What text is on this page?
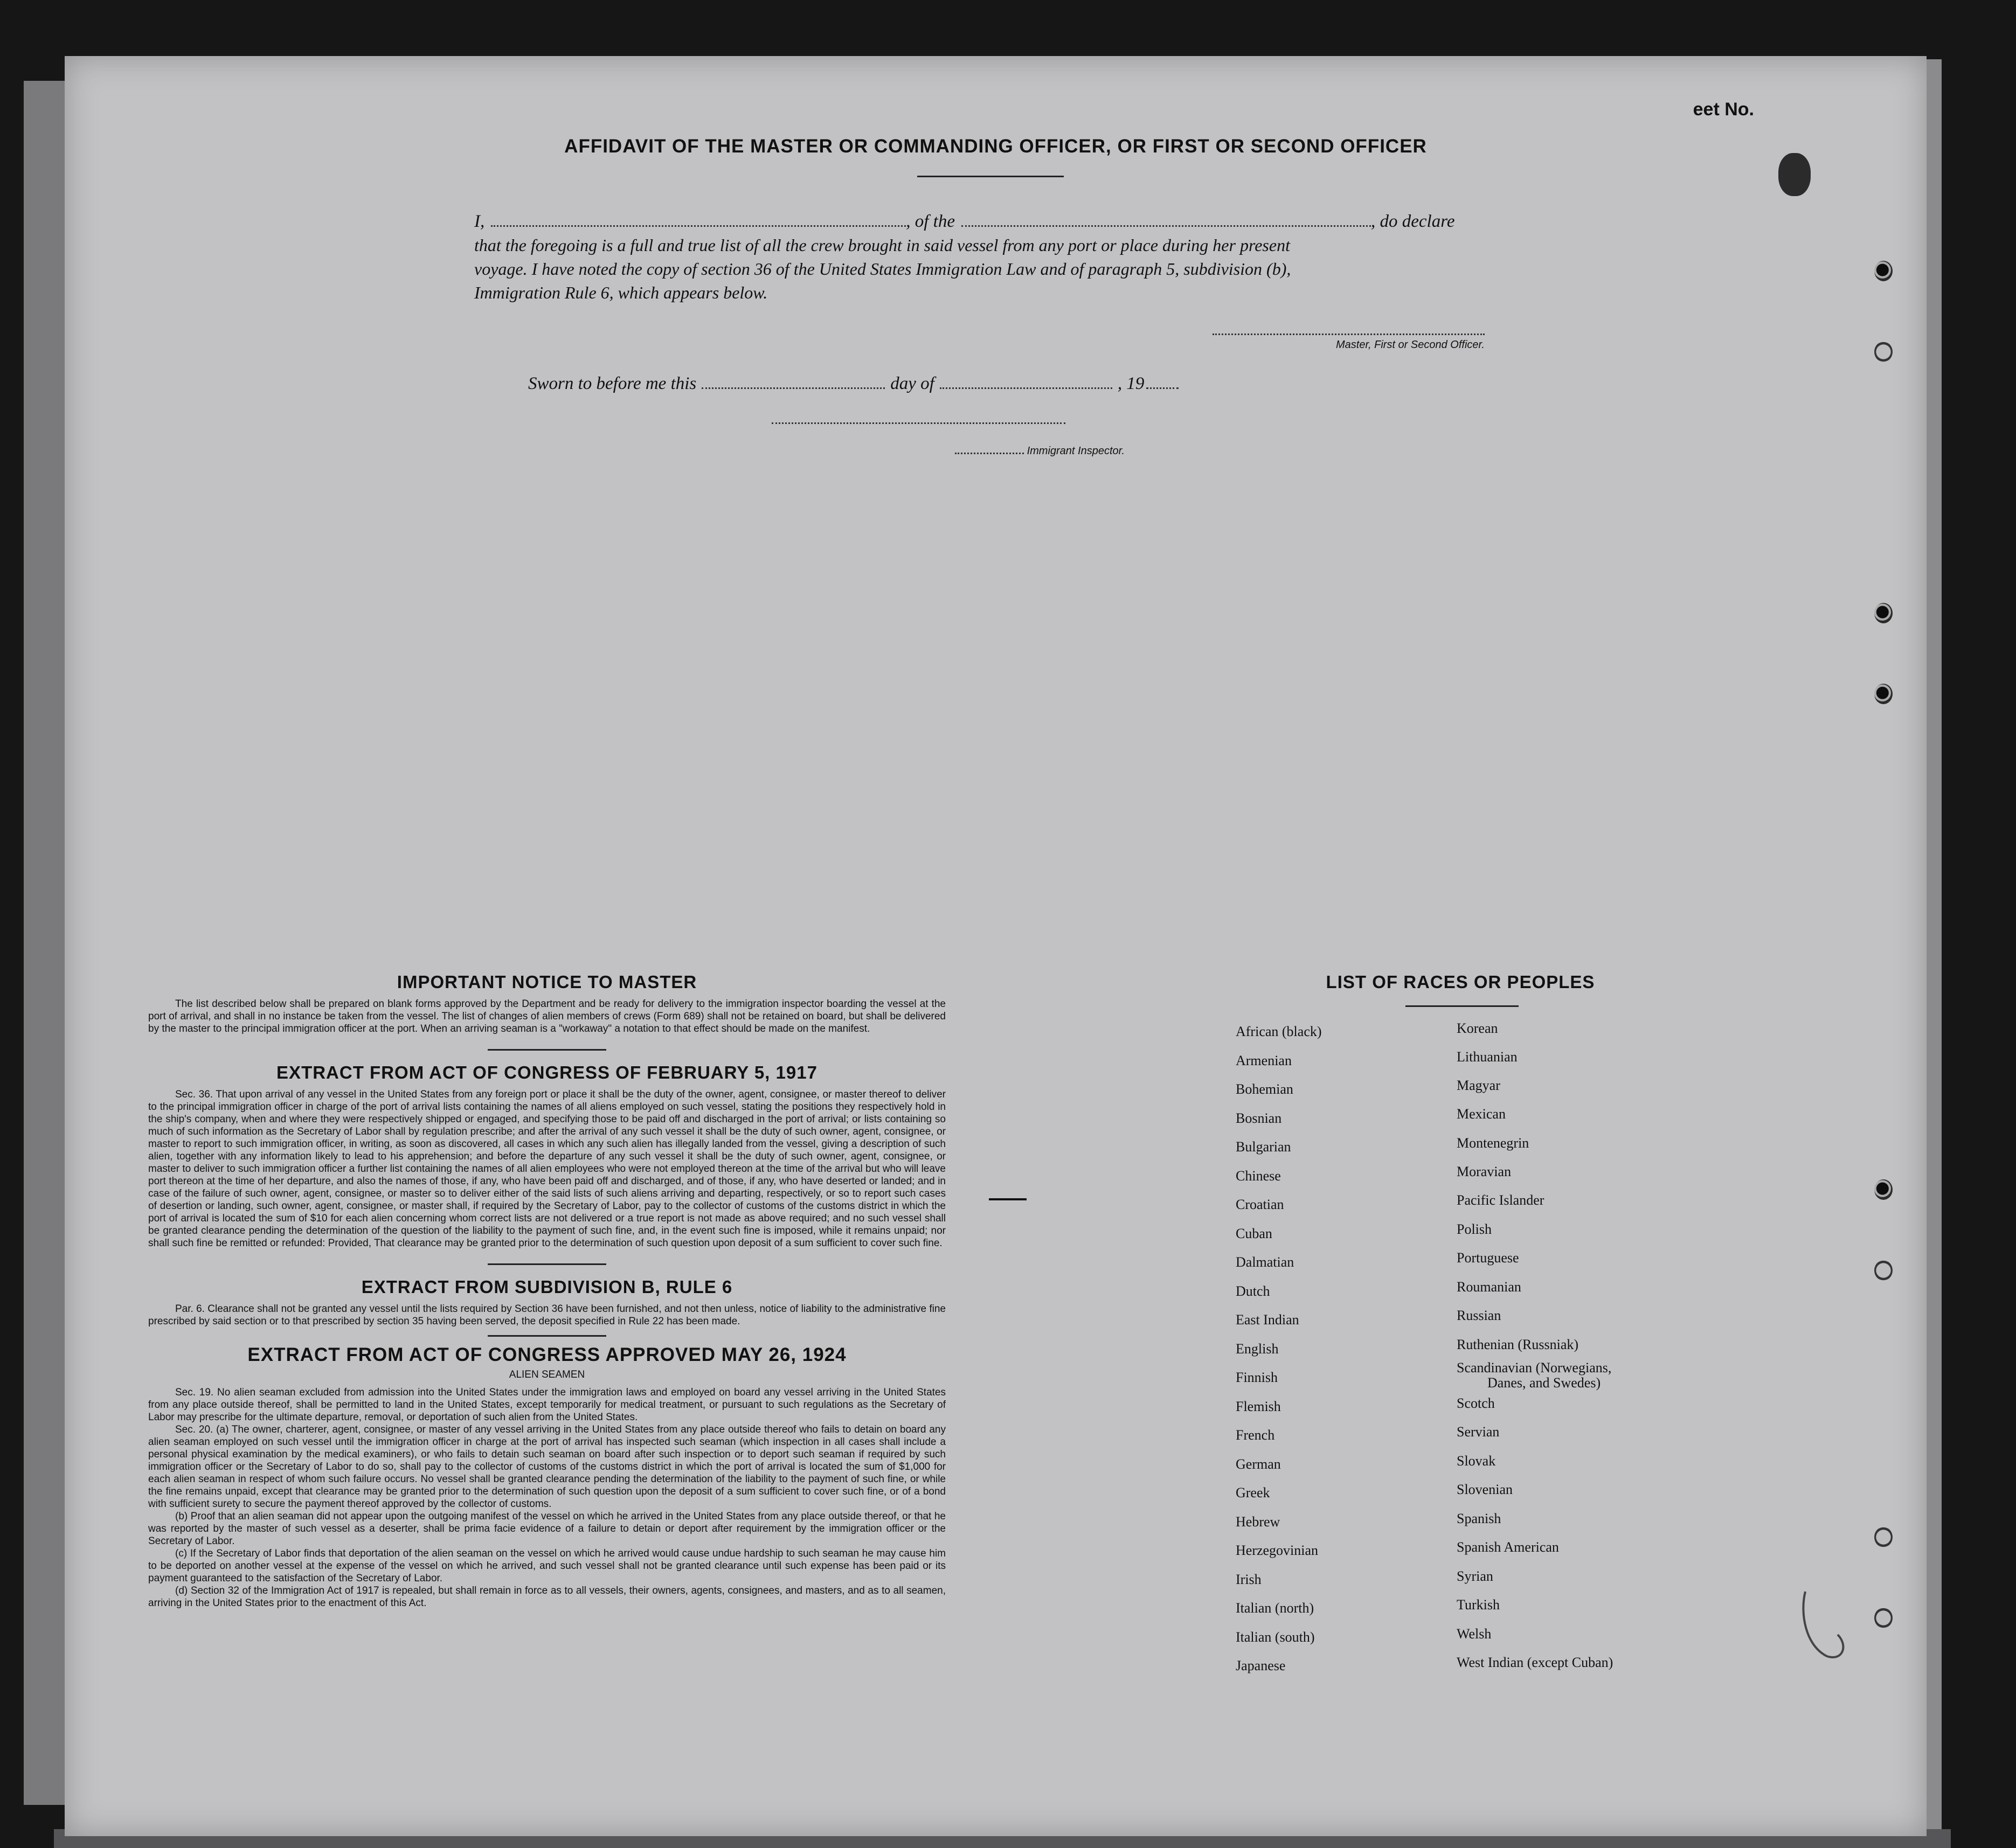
eet No.
AFFIDAVIT OF THE MASTER OR COMMANDING OFFICER, OR FIRST OR SECOND OFFICER
I,	, of the	, do declare
that the foregoing is a full and true list of all the crew brought in said vessel from any port or place during her present
voyage. I have noted the copy of section 36 of the United States Immigration Law and of paragraph 5, subdivision (b),
Immigration Rule 6, which appears below.
Master, First or Second Officer.
Sworn to before me this	day of	, 19
Immigrant Inspector.
IMPORTANT NOTICE TO MASTER
The list described below shall be prepared on blank forms approved by the Department and be ready for delivery to the immigration inspector boarding the vessel at the port of arrival, and shall in no instance be taken from the vessel. The list of changes of alien members of crews (Form 689) shall not be retained on board, but shall be delivered by the master to the principal immigration officer at the port. When an arriving seaman is a "workaway" a notation to that effect should be made on the manifest.
EXTRACT FROM ACT OF CONGRESS OF FEBRUARY 5, 1917
Sec. 36. That upon arrival of any vessel in the United States from any foreign port or place it shall be the duty of the owner, agent, consignee, or master thereof to deliver to the principal immigration officer in charge of the port of arrival lists containing the names of all aliens employed on such vessel, stating the positions they respectively hold in the ship's company, when and where they were respectively shipped or engaged, and specifying those to be paid off and discharged in the port of arrival; or lists containing so much of such information as the Secretary of Labor shall by regulation prescribe; and after the arrival of any such vessel it shall be the duty of such owner, agent, consignee, or master to report to such immigration officer, in writing, as soon as discovered, all cases in which any such alien has illegally landed from the vessel, giving a description of such alien, together with any information likely to lead to his apprehension; and before the departure of any such vessel it shall be the duty of such owner, agent, consignee, or master to deliver to such immigration officer a further list containing the names of all alien employees who were not employed thereon at the time of the arrival but who will leave port thereon at the time of her departure, and also the names of those, if any, who have been paid off and discharged, and of those, if any, who have deserted or landed; and in case of the failure of such owner, agent, consignee, or master so to deliver either of the said lists of such aliens arriving and departing, respectively, or so to report such cases of desertion or landing, such owner, agent, consignee, or master shall, if required by the Secretary of Labor, pay to the collector of customs of the customs district in which the port of arrival is located the sum of $10 for each alien concerning whom correct lists are not delivered or a true report is not made as above required; and no such vessel shall be granted clearance pending the determination of the question of the liability to the payment of such fine, and, in the event such fine is imposed, while it remains unpaid; nor shall such fine be remitted or refunded: Provided, That clearance may be granted prior to the determination of such question upon deposit of a sum sufficient to cover such fine.
EXTRACT FROM SUBDIVISION B, RULE 6
Par. 6. Clearance shall not be granted any vessel until the lists required by Section 36 have been furnished, and not then unless, notice of liability to the administrative fine prescribed by said section or to that prescribed by section 35 having been served, the deposit specified in Rule 22 has been made.
EXTRACT FROM ACT OF CONGRESS APPROVED MAY 26, 1924
ALIEN SEAMEN
Sec. 19. No alien seaman excluded from admission into the United States under the immigration laws and employed on board any vessel arriving in the United States from any place outside thereof, shall be permitted to land in the United States, except temporarily for medical treatment, or pursuant to such regulations as the Secretary of Labor may prescribe for the ultimate departure, removal, or deportation of such alien from the United States.
Sec. 20. (a) The owner, charterer, agent, consignee, or master of any vessel arriving in the United States from any place outside thereof who fails to detain on board any alien seaman employed on such vessel until the immigration officer in charge at the port of arrival has inspected such seaman (which inspection in all cases shall include a personal physical examination by the medical examiners), or who fails to detain such seaman on board after such inspection or to deport such seaman if required by such immigration officer or the Secretary of Labor to do so, shall pay to the collector of customs of the customs district in which the port of arrival is located the sum of $1,000 for each alien seaman in respect of whom such failure occurs. No vessel shall be granted clearance pending the determination of the liability to the payment of such fine, or while the fine remains unpaid, except that clearance may be granted prior to the determination of such question upon the deposit of a sum sufficient to cover such fine, or of a bond with sufficient surety to secure the payment thereof approved by the collector of customs.
(b) Proof that an alien seaman did not appear upon the outgoing manifest of the vessel on which he arrived in the United States from any place outside thereof, or that he was reported by the master of such vessel as a deserter, shall be prima facie evidence of a failure to detain or deport after requirement by the immigration officer or the Secretary of Labor.
(c) If the Secretary of Labor finds that deportation of the alien seaman on the vessel on which he arrived would cause undue hardship to such seaman he may cause him to be deported on another vessel at the expense of the vessel on which he arrived, and such vessel shall not be granted clearance until such expense has been paid or its payment guaranteed to the satisfaction of the Secretary of Labor.
(d) Section 32 of the Immigration Act of 1917 is repealed, but shall remain in force as to all vessels, their owners, agents, consignees, and masters, and as to all seamen, arriving in the United States prior to the enactment of this Act.
LIST OF RACES OR PEOPLES
African (black)
Armenian
Bohemian
Bosnian
Bulgarian
Chinese
Croatian
Cuban
Dalmatian
Dutch
East Indian
English
Finnish
Flemish
French
German
Greek
Hebrew
Herzegovinian
Irish
Italian (north)
Italian (south)
Japanese
Korean
Lithuanian
Magyar
Mexican
Montenegrin
Moravian
Pacific Islander
Polish
Portuguese
Roumanian
Russian
Ruthenian (Russniak)
Scandinavian (Norwegians,
Danes, and Swedes)
Scotch
Servian
Slovak
Slovenian
Spanish
Spanish American
Syrian
Turkish
Welsh
West Indian (except Cuban)
